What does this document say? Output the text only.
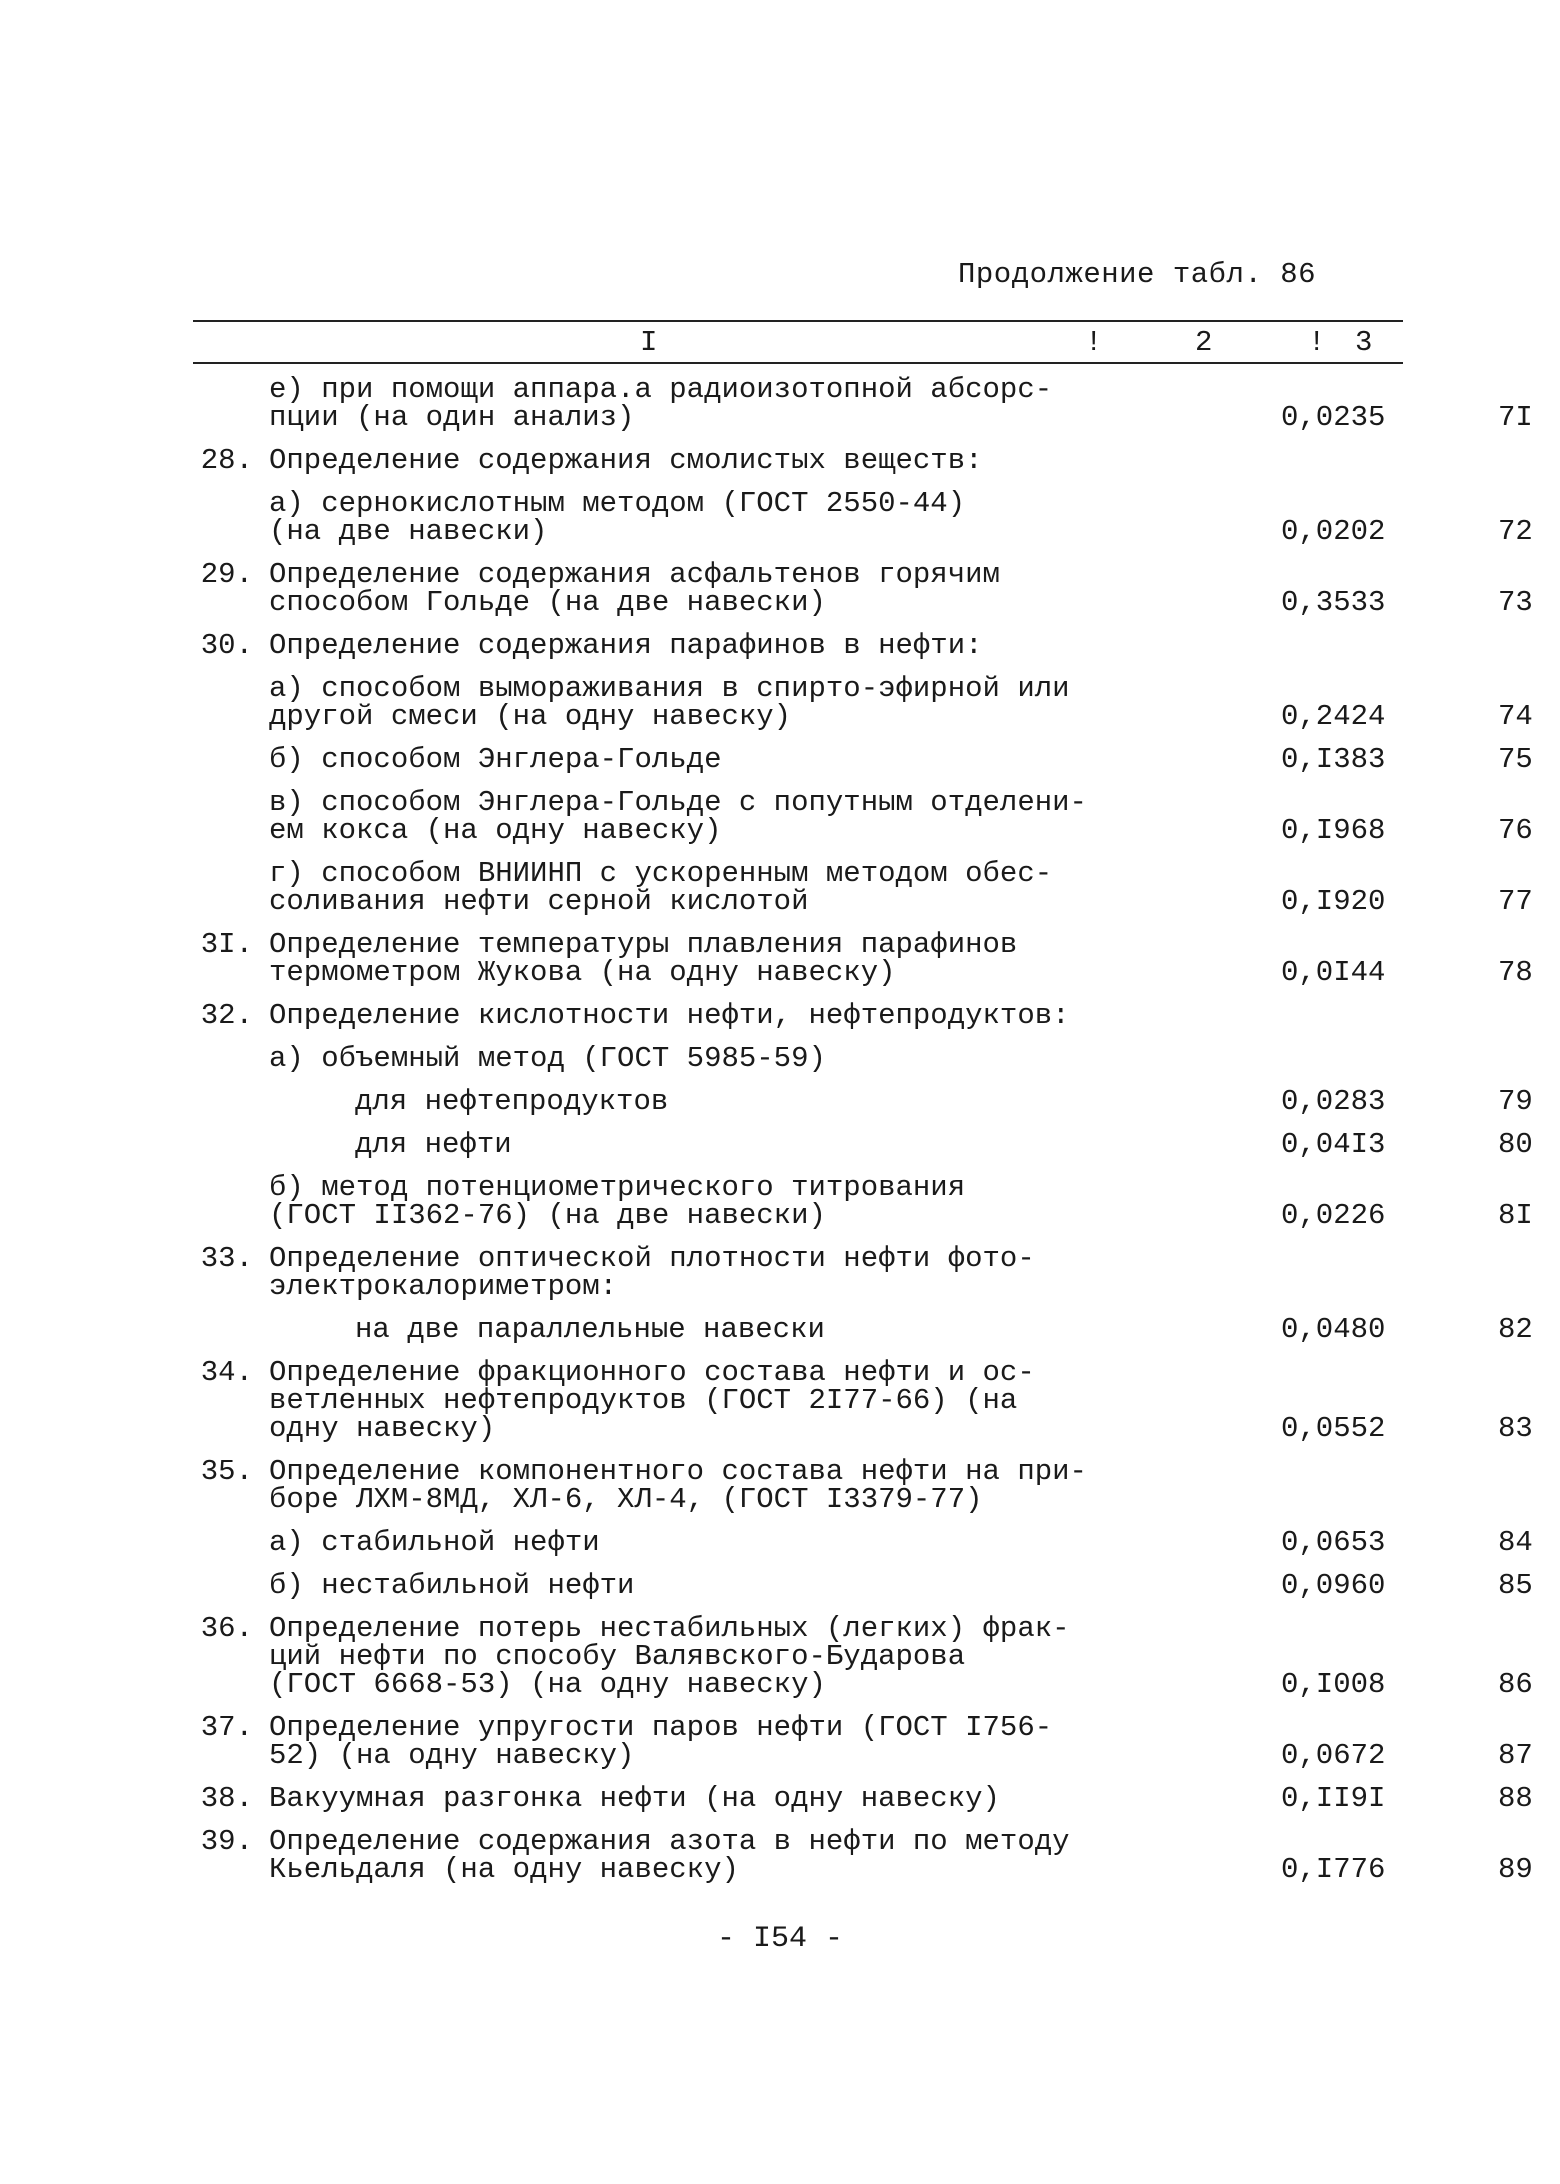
Продолжение табл. 86
I	!	2	! 3
е) при помощи аппара.а радиоизотопной абсорс-
пции (на один анализ)	0,0235	7I
28. Определение содержания смолистых веществ:
а) сернокислотным методом (ГОСТ 2550-44)
(на две навески)	0,0202	72
29. Определение содержания асфальтенов горячим
способом Гольде (на две навески)	0,3533	73
30. Определение содержания парафинов в нефти:
а) способом вымораживания в спирто-эфирной или
другой смеси (на одну навеску)	0,2424	74
б) способом Энглера-Гольде	0,I383	75
в) способом Энглера-Гольде с попутным отделени-
ем кокса (на одну навеску)	0,I968	76
г) способом ВНИИНП с ускоренным методом обес-
соливания нефти серной кислотой	0,I920	77
3I. Определение температуры плавления парафинов
термометром Жукова (на одну навеску)	0,0I44	78
32. Определение кислотности нефти, нефтепродуктов:
а) объемный метод (ГОСТ 5985-59)
для нефтепродуктов	0,0283	79
для нефти	0,04I3	80
б) метод потенциометрического титрования
(ГОСТ II362-76) (на две навески)	0,0226	8I
33. Определение оптической плотности нефти фото-
электрокалориметром:
на две параллельные навески	0,0480	82
34. Определение фракционного состава нефти и ос-
ветленных нефтепродуктов (ГОСТ 2I77-66) (на
одну навеску)	0,0552	83
35. Определение компонентного состава нефти на при-
боре ЛХМ-8МД, ХЛ-6, ХЛ-4, (ГОСТ I3379-77)
а) стабильной нефти	0,0653	84
б) нестабильной нефти	0,0960	85
36. Определение потерь нестабильных (легких) фрак-
ций нефти по способу Валявского-Бударова
(ГОСТ 6668-53) (на одну навеску)	0,I008	86
37. Определение упругости паров нефти (ГОСТ I756-
52) (на одну навеску)	0,0672	87
38. Вакуумная разгонка нефти (на одну навеску)	0,II9I	88
39. Определение содержания азота в нефти по методу
Кьельдаля (на одну навеску)	0,I776	89
- I54 -
